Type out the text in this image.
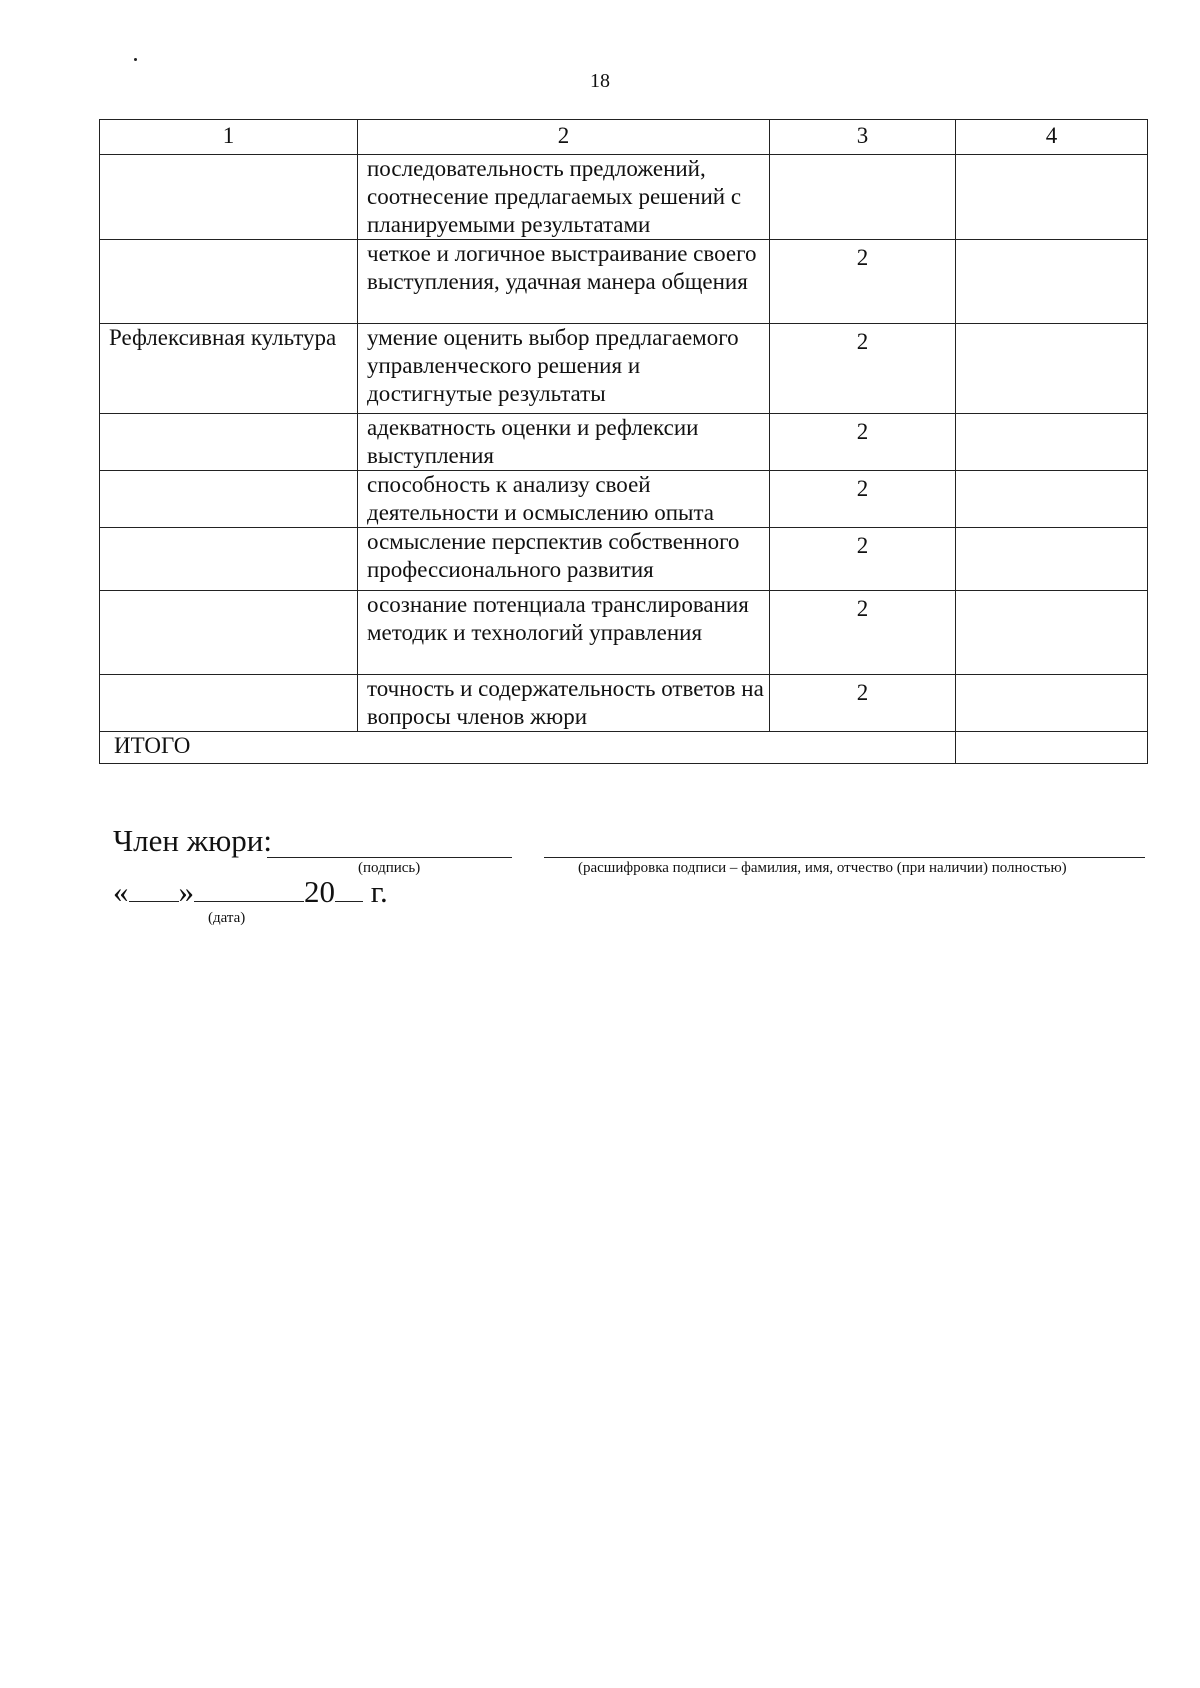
18
1	2	3	4
	последовательность предложений, соотнесение предлагаемых решений с планируемыми результатами		
	четкое и логичное выстраивание своего выступления, удачная манера общения	2	
Рефлексивная культура	умение оценить выбор предлагаемого управленческого решения и достигнутые результаты	2	
	адекватность оценки и рефлексии выступления	2	
	способность к анализу своей деятельности и осмыслению опыта	2	
	осмысление перспектив собственного профессионального развития	2	
	осознание потенциала транслирования методик и технологий управления	2	
	точность и содержательность ответов на вопросы членов жюри	2	
ИТОГО			
Член жюри:
(подпись)	(расшифровка подписи – фамилия, имя, отчество (при наличии) полностью)
« »	20 г.
(дата)
